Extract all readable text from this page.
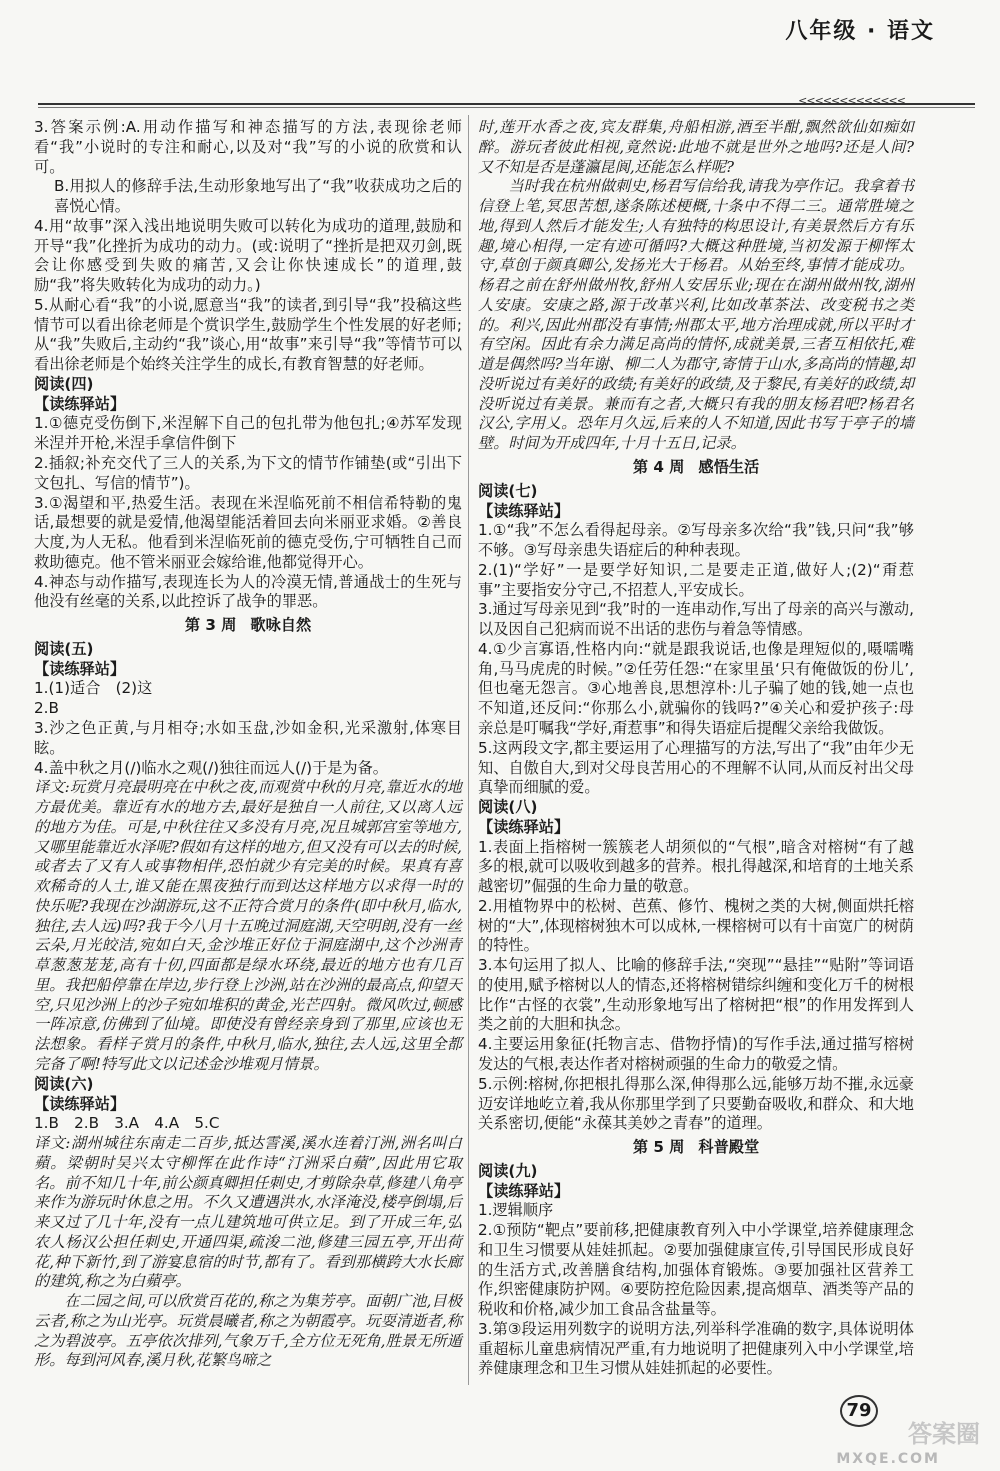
八年级 · 语文
<<<<<<<<<<<<<

3.答案示例:A.用动作描写和神态描写的方法,表现徐老师看“我”小说时的专注和耐心,以及对“我”写的小说的欣赏和认可。

B.用拟人的修辞手法,生动形象地写出了“我”收获成功之后的喜悦心情。

4.用“故事”深入浅出地说明失败可以转化为成功的道理,鼓励和开导“我”化挫折为成功的动力。(或:说明了“挫折是把双刃剑,既会让你感受到失败的痛苦,又会让你快速成长”的道理,鼓励“我”将失败转化为成功的动力。)

5.从耐心看“我”的小说,愿意当“我”的读者,到引导“我”投稿这些情节可以看出徐老师是个赏识学生,鼓励学生个性发展的好老师;从“我”失败后,主动约“我”谈心,用“故事”来引导“我”等情节可以看出徐老师是个始终关注学生的成长,有教育智慧的好老师。

阅读(四)

【读练驿站】

1.①德克受伤倒下,米涅解下自己的包扎带为他包扎;④苏军发现米涅并开枪,米涅手拿信件倒下

2.插叙;补充交代了三人的关系,为下文的情节作铺垫(或“引出下文包扎、写信的情节”)。

3.①渴望和平,热爱生活。表现在米涅临死前不相信希特勒的鬼话,最想要的就是爱情,他渴望能活着回去向米丽亚求婚。②善良大度,为人无私。他看到米涅临死前的德克受伤,宁可牺牲自己而救助德克。他不管米丽亚会嫁给谁,他都觉得开心。

4.神态与动作描写,表现连长为人的冷漠无情,普通战士的生死与他没有丝毫的关系,以此控诉了战争的罪恶。

第 3 周 歌咏自然

阅读(五)

【读练驿站】

1.(1)适合　(2)这

2.B

3.沙之色正黄,与月相夺;水如玉盘,沙如金积,光采激射,体寒目眩。

4.盖中秋之月(/)临水之观(/)独往而远人(/)于是为备。

译文:玩赏月亮最明亮在中秋之夜,而观赏中秋的月亮,靠近水的地方最优美。靠近有水的地方去,最好是独自一人前往,又以离人远的地方为佳。可是,中秋往往又多没有月亮,况且城郭宫室等地方,又哪里能靠近水泽呢?假如有这样的地方,但又没有可以去的时候,或者去了又有人或事物相伴,恐怕就少有完美的时候。果真有喜欢稀奇的人士,谁又能在黑夜独行而到达这样地方以求得一时的快乐呢?我现在沙湖游玩,这不正符合赏月的条件(即中秋月,临水,独往,去人远)吗?我于今八月十五晚过洞庭湖,天空明朗,没有一丝云朵,月光皎洁,宛如白天,金沙堆正好位于洞庭湖中,这个沙洲青草葱葱茏茏,高有十仞,四面都是绿水环绕,最近的地方也有几百里。我把船停靠在岸边,步行登上沙洲,站在沙洲的最高点,仰望天空,只见沙洲上的沙子宛如堆积的黄金,光芒四射。微风吹过,顿感一阵凉意,仿佛到了仙境。即使没有曾经亲身到了那里,应该也无法想象。看样子赏月的条件,中秋月,临水,独往,去人远,这里全都完备了啊!特写此文以记述金沙堆观月情景。

阅读(六)

【读练驿站】

1.B　2.B　3.A　4.A　5.C

译文:湖州城往东南走二百步,抵达霅溪,溪水连着汀洲,洲名叫白蘋。梁朝时吴兴太守柳恽在此作诗“汀洲采白蘋”,因此用它取名。前不知几十年,前公颜真卿担任刺史,才剪除杂草,修建八角亭来作为游玩时休息之用。不久又遭遇洪水,水泽淹没,楼亭倒塌,后来又过了几十年,没有一点儿建筑地可供立足。到了开成三年,弘农人杨汉公担任刺史,开通四渠,疏浚二池,修建三园五亭,开出荷花,种下新竹,到了游宴息宿的时节,都有了。看到那横跨大水长廊的建筑,称之为白蘋亭。

在二园之间,可以欣赏百花的,称之为集芳亭。面朝广池,目极云者,称之为山光亭。玩赏晨曦者,称之为朝霞亭。玩耍清逝者,称之为碧波亭。五亭依次排列,气象万千,全方位无死角,胜景无所遁形。每到河风春,溪月秋,花繁鸟啼之

时,莲开水香之夜,宾友群集,舟船相游,酒至半酣,飘然欲仙如痴如醉。游玩者彼此相视,竟然说:此地不就是世外之地吗?还是人间?又不知是否是蓬瀛昆阆,还能怎么样呢?

当时我在杭州做刺史,杨君写信给我,请我为亭作记。我拿着书信登上笔,冥思苦想,遂条陈述梗概,十条中不得二三。通常胜境之地,得到人然后才能发生;人有独特的构思设计,有美景然后方有乐趣,境心相得,一定有迹可循吗?大概这种胜境,当初发源于柳恽太守,草创于颜真卿公,发扬光大于杨君。从始至终,事情才能成功。杨君之前在舒州做州牧,舒州人安居乐业;现在在湖州做州牧,湖州人安康。安康之路,源于改革兴利,比如改革茶法、改变税书之类的。利兴,因此州郡没有事情;州郡太平,地方治理成就,所以平时才有空闲。因此有余力满足高尚的情怀,成就美景,三者互相依托,难道是偶然吗?当年谢、柳二人为郡守,寄情于山水,多高尚的情趣,却没听说过有美好的政绩;有美好的政绩,及于黎民,有美好的政绩,却没听说过有美景。兼而有之者,大概只有我的朋友杨君吧?杨君名汉公,字用乂。恐年月久远,后来的人不知道,因此书写于亭子的墙壁。时间为开成四年,十月十五日,记录。

第 4 周 感悟生活

阅读(七)

【读练驿站】

1.①“我”不怎么看得起母亲。②写母亲多次给“我”钱,只问“我”够不够。③写母亲患失语症后的种种表现。

2.(1)“学好”一是要学好知识,二是要走正道,做好人;(2)“甭惹事”主要指安分守己,不招惹人,平安成长。

3.通过写母亲见到“我”时的一连串动作,写出了母亲的高兴与激动,以及因自己犯病而说不出话的悲伤与着急等情感。

4.①少言寡语,性格内向:“就是跟我说话,也像是理短似的,嗫嚅嘴角,马马虎虎的时候。”②任劳任怨:“在家里虽‘只有俺做饭的份儿’,但也毫无怨言。③心地善良,思想淳朴:儿子骗了她的钱,她一点也不知道,还反问:“你那么小,就骗你的钱吗?”④关心和爱护孩子:母亲总是叮嘱我“学好,甭惹事”和得失语症后提醒父亲给我做饭。

5.这两段文字,都主要运用了心理描写的方法,写出了“我”由年少无知、自傲自大,到对父母良苦用心的不理解不认同,从而反衬出父母真挚而细腻的爱。

阅读(八)

【读练驿站】

1.表面上指榕树一簇簇老人胡须似的“气根”,暗含对榕树“有了越多的根,就可以吸收到越多的营养。根扎得越深,和培育的土地关系越密切”倔强的生命力量的敬意。

2.用植物界中的松树、芭蕉、修竹、槐树之类的大树,侧面烘托榕树的“大”,体现榕树独木可以成林,一棵榕树可以有十亩宽广的树荫的特性。

3.本句运用了拟人、比喻的修辞手法,“突现”“悬挂”“贴附”等词语的使用,赋予榕树以人的情态,还将榕树错综纠缠和变化万千的树根比作“古怪的衣裳”,生动形象地写出了榕树把“根”的作用发挥到人类之前的大胆和执念。

4.主要运用象征(托物言志、借物抒情)的写作手法,通过描写榕树发达的气根,表达作者对榕树顽强的生命力的敬爱之情。

5.示例:榕树,你把根扎得那么深,伸得那么远,能够万劫不摧,永远豪迈安详地屹立着,我从你那里学到了只要勤奋吸收,和群众、和大地关系密切,便能“永葆其美妙之青春”的道理。

第 5 周 科普殿堂

阅读(九)

【读练驿站】

1.逻辑顺序

2.①预防“靶点”要前移,把健康教育列入中小学课堂,培养健康理念和卫生习惯要从娃娃抓起。②要加强健康宣传,引导国民形成良好的生活方式,改善膳食结构,加强体育锻炼。③要加强社区营养工作,织密健康防护网。④要防控危险因素,提高烟草、酒类等产品的税收和价格,减少加工食品含盐量等。

3.第③段运用列数字的说明方法,列举科学准确的数字,具体说明体重超标儿童患病情况严重,有力地说明了把健康列入中小学课堂,培养健康理念和卫生习惯从娃娃抓起的必要性。

79
答案圈
MXQE.COM
